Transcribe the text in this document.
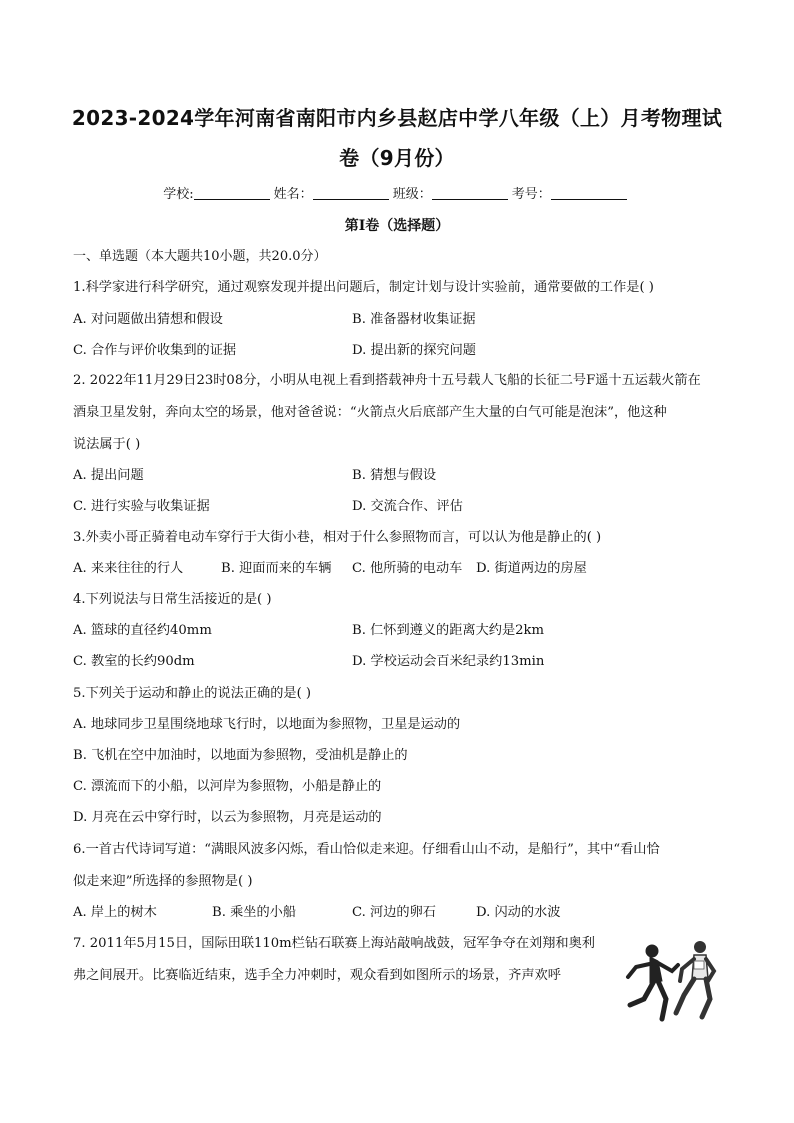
2023-2024学年河南省南阳市内乡县赵店中学八年级（上）月考物理试
卷（9月份）
学校:	姓名：	班级：	考号：
第Ⅰ卷（选择题）
一、单选题（本大题共10小题，共20.0分）
1.科学家进行科学研究，通过观察发现并提出问题后，制定计划与设计实验前，通常要做的工作是( )
A. 对问题做出猜想和假设	B. 准备器材收集证据
C. 合作与评价收集到的证据	D. 提出新的探究问题
2. 2022年11月29日23时08分，小明从电视上看到搭载神舟十五号载人飞船的长征二号F遥十五运载火箭在
酒泉卫星发射，奔向太空的场景，他对爸爸说：“火箭点火后底部产生大量的白气可能是泡沫”，他这种
说法属于( )
A. 提出问题	B. 猜想与假设
C. 进行实验与收集证据	D. 交流合作、评估
3.外卖小哥正骑着电动车穿行于大街小巷，相对于什么参照物而言，可以认为他是静止的( )
A. 来来往往的行人	B. 迎面而来的车辆 C. 他所骑的电动车 D. 街道两边的房屋
4.下列说法与日常生活接近的是( )
A. 篮球的直径约40mm	B. 仁怀到遵义的距离大约是2km
C. 教室的长约90dm	D. 学校运动会百米纪录约13min
5.下列关于运动和静止的说法正确的是( )
A. 地球同步卫星围绕地球飞行时，以地面为参照物，卫星是运动的
B. 飞机在空中加油时，以地面为参照物，受油机是静止的
C. 漂流而下的小船，以河岸为参照物，小船是静止的
D. 月亮在云中穿行时，以云为参照物，月亮是运动的
6.一首古代诗词写道：“满眼风波多闪烁，看山恰似走来迎。仔细看山山不动，是船行”，其中“看山恰
似走来迎”所选择的参照物是( )
A. 岸上的树木	B. 乘坐的小船	C. 河边的卵石	D. 闪动的水波
7. 2011年5月15日，国际田联110m栏钻石联赛上海站敲响战鼓，冠军争夺在刘翔和奥利
弗之间展开。比赛临近结束，选手全力冲刺时，观众看到如图所示的场景，齐声欢呼
